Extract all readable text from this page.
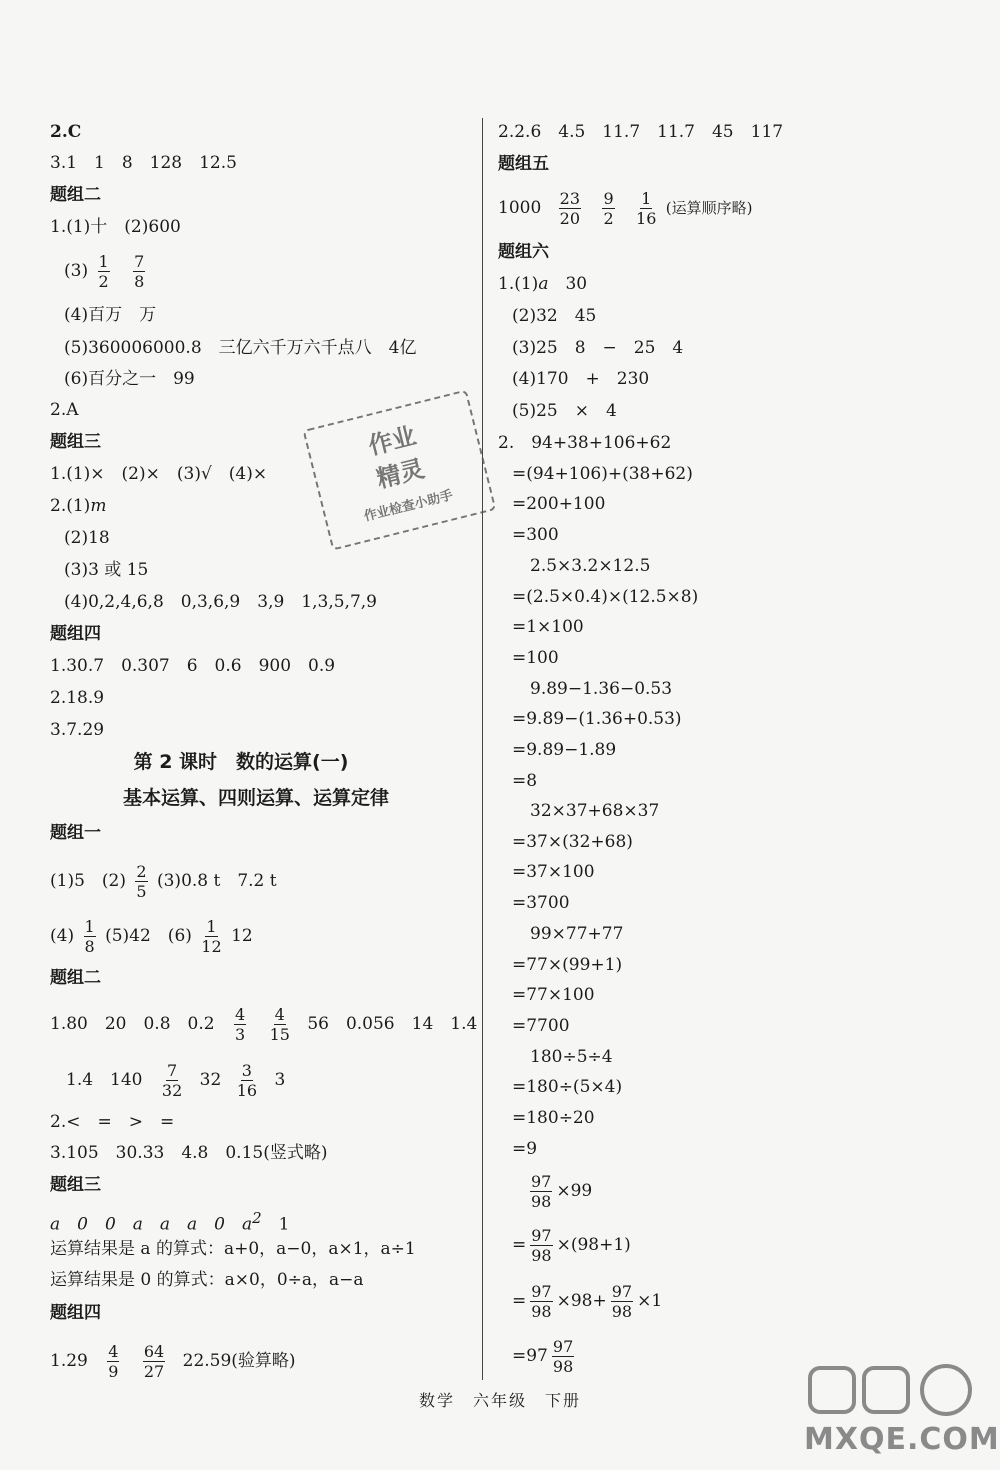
2.C
3.1　1　8　128　12.5
题组二
1.(1)十　(2)600
$(3) \frac{1}{2}$
$\frac{7}{8}$
(4)百万　万
(5)360006000.8　三亿六千万六千点八　4亿
(6)百分之一　99
2.A
题组三
1.(1)×　(2)×　(3)√　(4)×
2.(1)m
(2)18
(3)3 或 15
(4)0,2,4,6,8　0,3,6,9　3,9　1,3,5,7,9
题组四
1.30.7　0.307　6　0.6　900　0.9
2.18.9
3.7.29
第 2 课时　数的运算(一)
基本运算、四则运算、运算定律
题组一
(1)5　$(2) \frac{2}{5} (3)0.8$ t　7.2 t
$(4) \frac{1}{8} (5)42$　$(6) \frac{1}{12} 12$
题组二
1.80　20　0.8　$0.2 \frac{4}{3}$
$\frac{4}{15} 56$　0.056　14　1.4
1.4　$140 \frac{7}{32} 32 \frac{3}{16} 3$
2.<　=　>　=
3.105　30.33　4.8　0.15(竖式略)
题组三
a　0　0　a　a　a　0　$a^2$　 1
运算结果是 a 的算式：a+0，a−0，a×1，a÷1
运算结果是 0 的算式：a×0，0÷a，a−a
题组四
$1.29 \frac{4}{9}$
$\frac{64}{27} 22.59$(验算略)
2.2.6　4.5　11.7　11.7　45　117
题组五
$1000 \frac{23}{20}$
$\frac{9}{2}$
$\frac{1}{16}$ (运算顺序略)
题组六
1.(1)a　30
(2)32　45
(3)25　8　−　25　4
(4)170　+　230
(5)25　×　4
2.　94+38+106+62
=(94+106)+(38+62)
=200+100
=300
2.5×3.2×12.5
=(2.5×0.4)×(12.5×8)
=1×100
=100
9.89−1.36−0.53
=9.89−(1.36+0.53)
=9.89−1.89
=8
32×37+68×37
=37×(32+68)
=37×100
=3700
99×77+77
=77×(99+1)
=77×100
=7700
180÷5÷4
=180÷(5×4)
=180÷20
=9
$\frac{97}{98} \times 99$
= $\frac{97}{98} \times(98+1)$
= $\frac{97}{98} \times 98+ \frac{97}{98} \times 1$
$=97 \frac{97}{98}$
作业
精灵
作业检查小助手
数学　六年级　下册
MXQE.COM
